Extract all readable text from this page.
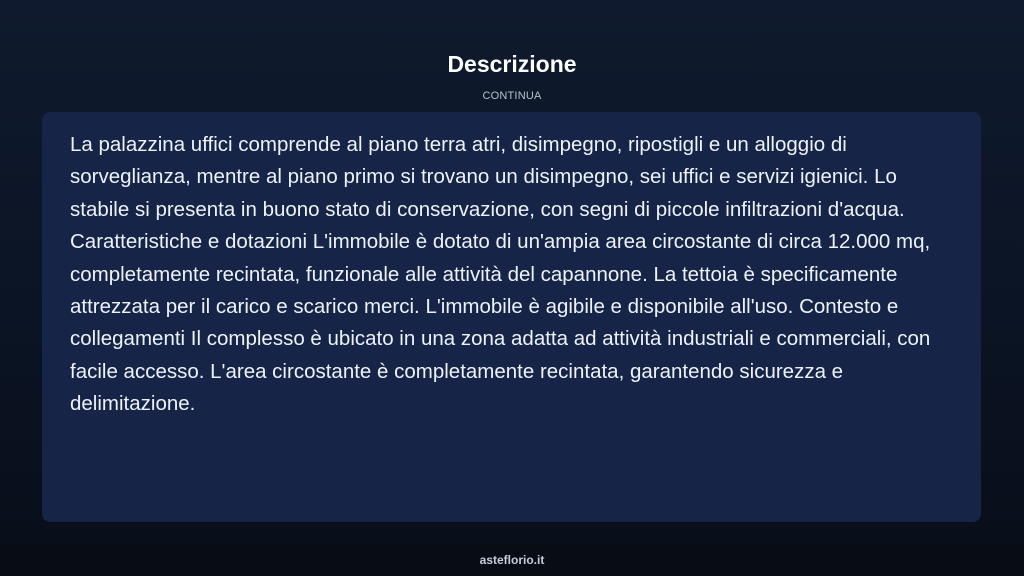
Descrizione
CONTINUA

La palazzina uffici comprende al piano terra atri, disimpegno, ripostigli e un alloggio di sorveglianza, mentre al piano primo si trovano un disimpegno, sei uffici e servizi igienici. Lo stabile si presenta in buono stato di conservazione, con segni di piccole infiltrazioni d'acqua. Caratteristiche e dotazioni L'immobile è dotato di un'ampia area circostante di circa 12.000 mq, completamente recintata, funzionale alle attività del capannone. La tettoia è specificamente attrezzata per il carico e scarico merci. L'immobile è agibile e disponibile all'uso. Contesto e collegamenti Il complesso è ubicato in una zona adatta ad attività industriali e commerciali, con facile accesso. L'area circostante è completamente recintata, garantendo sicurezza e delimitazione.

asteflorio.it
